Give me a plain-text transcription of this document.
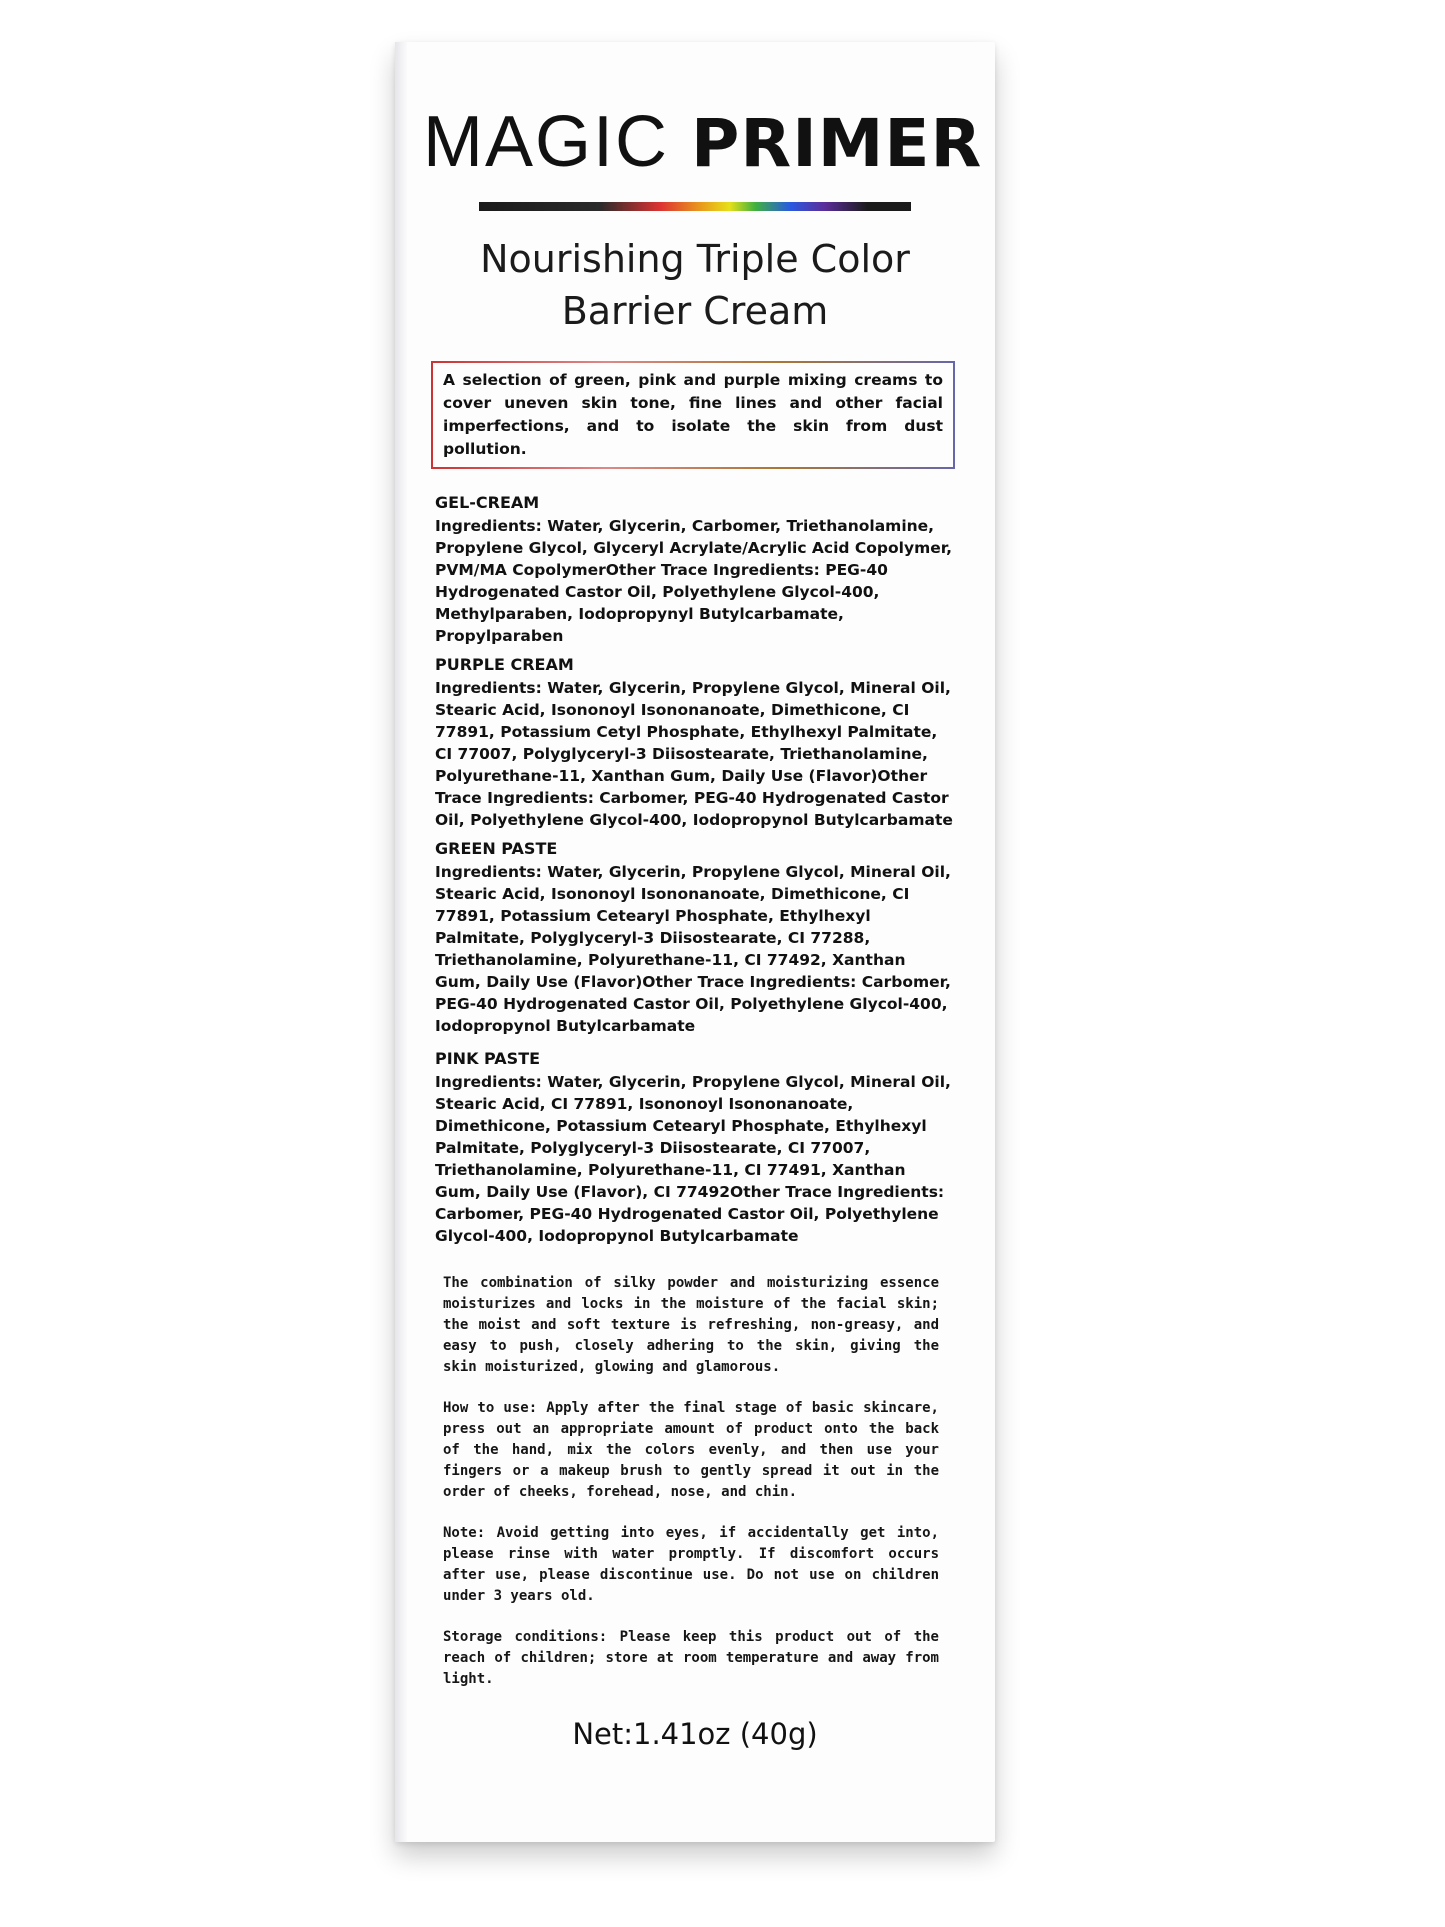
MAGIC PRIMER
Nourishing Triple Color
Barrier Cream
A selection of green, pink and purple mixing creams to cover uneven skin tone, fine lines and other facial imperfections, and to isolate the skin from dust pollution.
GEL-CREAM
Ingredients: Water, Glycerin, Carbomer, Triethanolamine, Propylene Glycol, Glyceryl Acrylate/Acrylic Acid Copolymer, PVM/MA CopolymerOther Trace Ingredients: PEG-40 Hydrogenated Castor Oil, Polyethylene Glycol-400, Methylparaben, Iodopropynyl Butylcarbamate, Propylparaben
PURPLE CREAM
Ingredients: Water, Glycerin, Propylene Glycol, Mineral Oil, Stearic Acid, Isononoyl Isononanoate, Dimethicone, CI 77891, Potassium Cetyl Phosphate, Ethylhexyl Palmitate, CI 77007, Polyglyceryl-3 Diisostearate, Triethanolamine, Polyurethane-11, Xanthan Gum, Daily Use (Flavor)Other Trace Ingredients: Carbomer, PEG-40 Hydrogenated Castor Oil, Polyethylene Glycol-400, Iodopropynol Butylcarbamate
GREEN PASTE
Ingredients: Water, Glycerin, Propylene Glycol, Mineral Oil, Stearic Acid, Isononoyl Isononanoate, Dimethicone, CI 77891, Potassium Cetearyl Phosphate, Ethylhexyl Palmitate, Polyglyceryl-3 Diisostearate, CI 77288, Triethanolamine, Polyurethane-11, CI 77492, Xanthan Gum, Daily Use (Flavor)Other Trace Ingredients: Carbomer, PEG-40 Hydrogenated Castor Oil, Polyethylene Glycol-400, Iodopropynol Butylcarbamate
PINK PASTE
Ingredients: Water, Glycerin, Propylene Glycol, Mineral Oil, Stearic Acid, CI 77891, Isononoyl Isononanoate, Dimethicone, Potassium Cetearyl Phosphate, Ethylhexyl Palmitate, Polyglyceryl-3 Diisostearate, CI 77007, Triethanolamine, Polyurethane-11, CI 77491, Xanthan Gum, Daily Use (Flavor), CI 77492Other Trace Ingredients: Carbomer, PEG-40 Hydrogenated Castor Oil, Polyethylene Glycol-400, Iodopropynol Butylcarbamate
The combination of silky powder and moisturizing essence moisturizes and locks in the moisture of the facial skin; the moist and soft texture is refreshing, non-greasy, and easy to push, closely adhering to the skin, giving the skin moisturized, glowing and glamorous.
How to use: Apply after the final stage of basic skincare, press out an appropriate amount of product onto the back of the hand, mix the colors evenly, and then use your fingers or a makeup brush to gently spread it out in the order of cheeks, forehead, nose, and chin.
Note: Avoid getting into eyes, if accidentally get into, please rinse with water promptly. If discomfort occurs after use, please discontinue use. Do not use on children under 3 years old.
Storage conditions: Please keep this product out of the reach of children; store at room temperature and away from light.
Net:1.41oz (40g)
